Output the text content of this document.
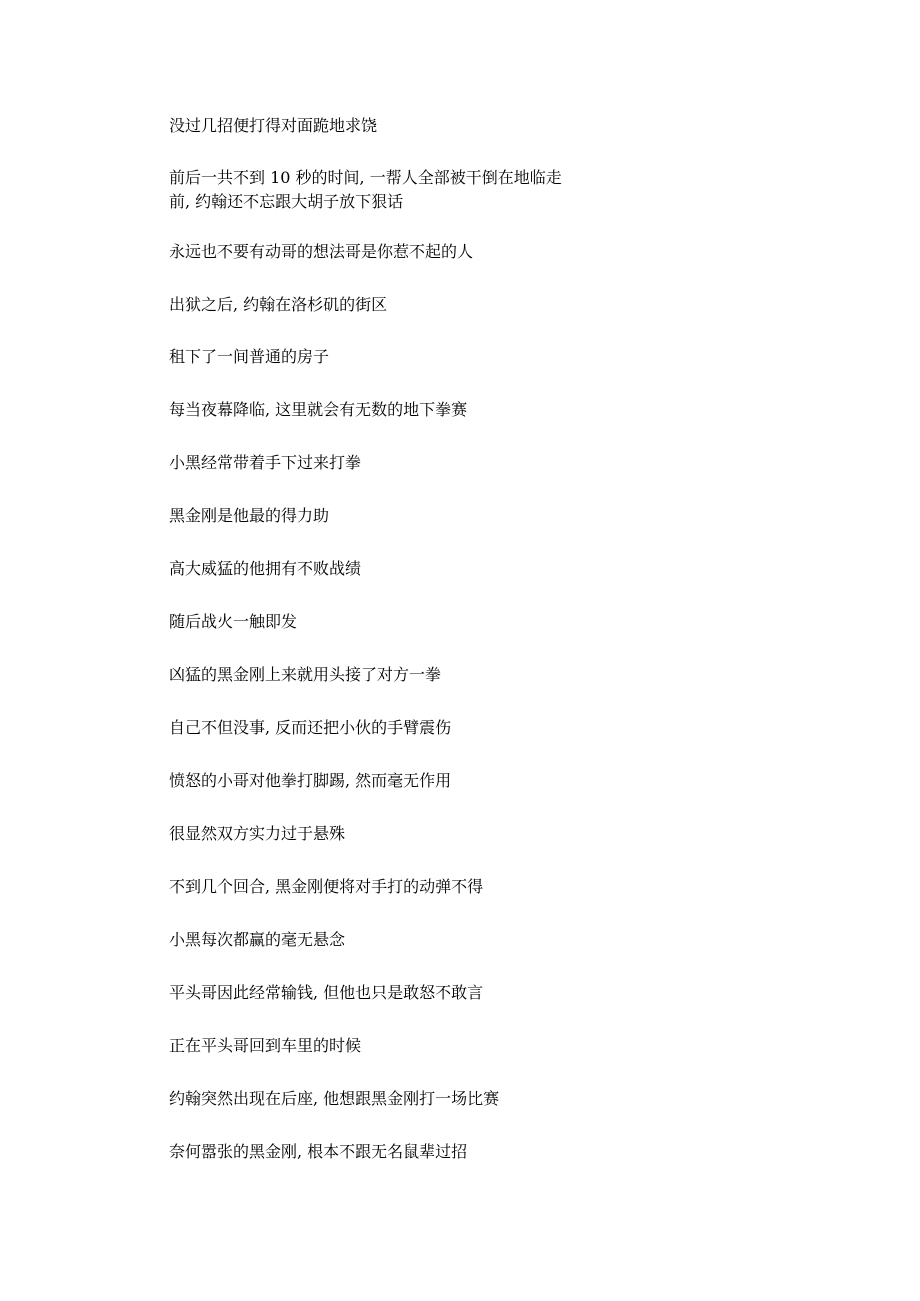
没过几招便打得对面跪地求饶

前后一共不到 10 秒的时间, 一帮人全部被干倒在地临走
前, 约翰还不忘跟大胡子放下狠话

永远也不要有动哥的想法哥是你惹不起的人

出狱之后, 约翰在洛杉矶的街区

租下了一间普通的房子

每当夜幕降临, 这里就会有无数的地下拳赛

小黑经常带着手下过来打拳

黑金刚是他最的得力助

高大威猛的他拥有不败战绩

随后战火一触即发

凶猛的黑金刚上来就用头接了对方一拳

自己不但没事, 反而还把小伙的手臂震伤

愤怒的小哥对他拳打脚踢, 然而毫无作用

很显然双方实力过于悬殊

不到几个回合, 黑金刚便将对手打的动弹不得

小黑每次都赢的毫无悬念

平头哥因此经常输钱, 但他也只是敢怒不敢言

正在平头哥回到车里的时候

约翰突然出现在后座, 他想跟黑金刚打一场比赛

奈何嚣张的黑金刚, 根本不跟无名鼠辈过招
